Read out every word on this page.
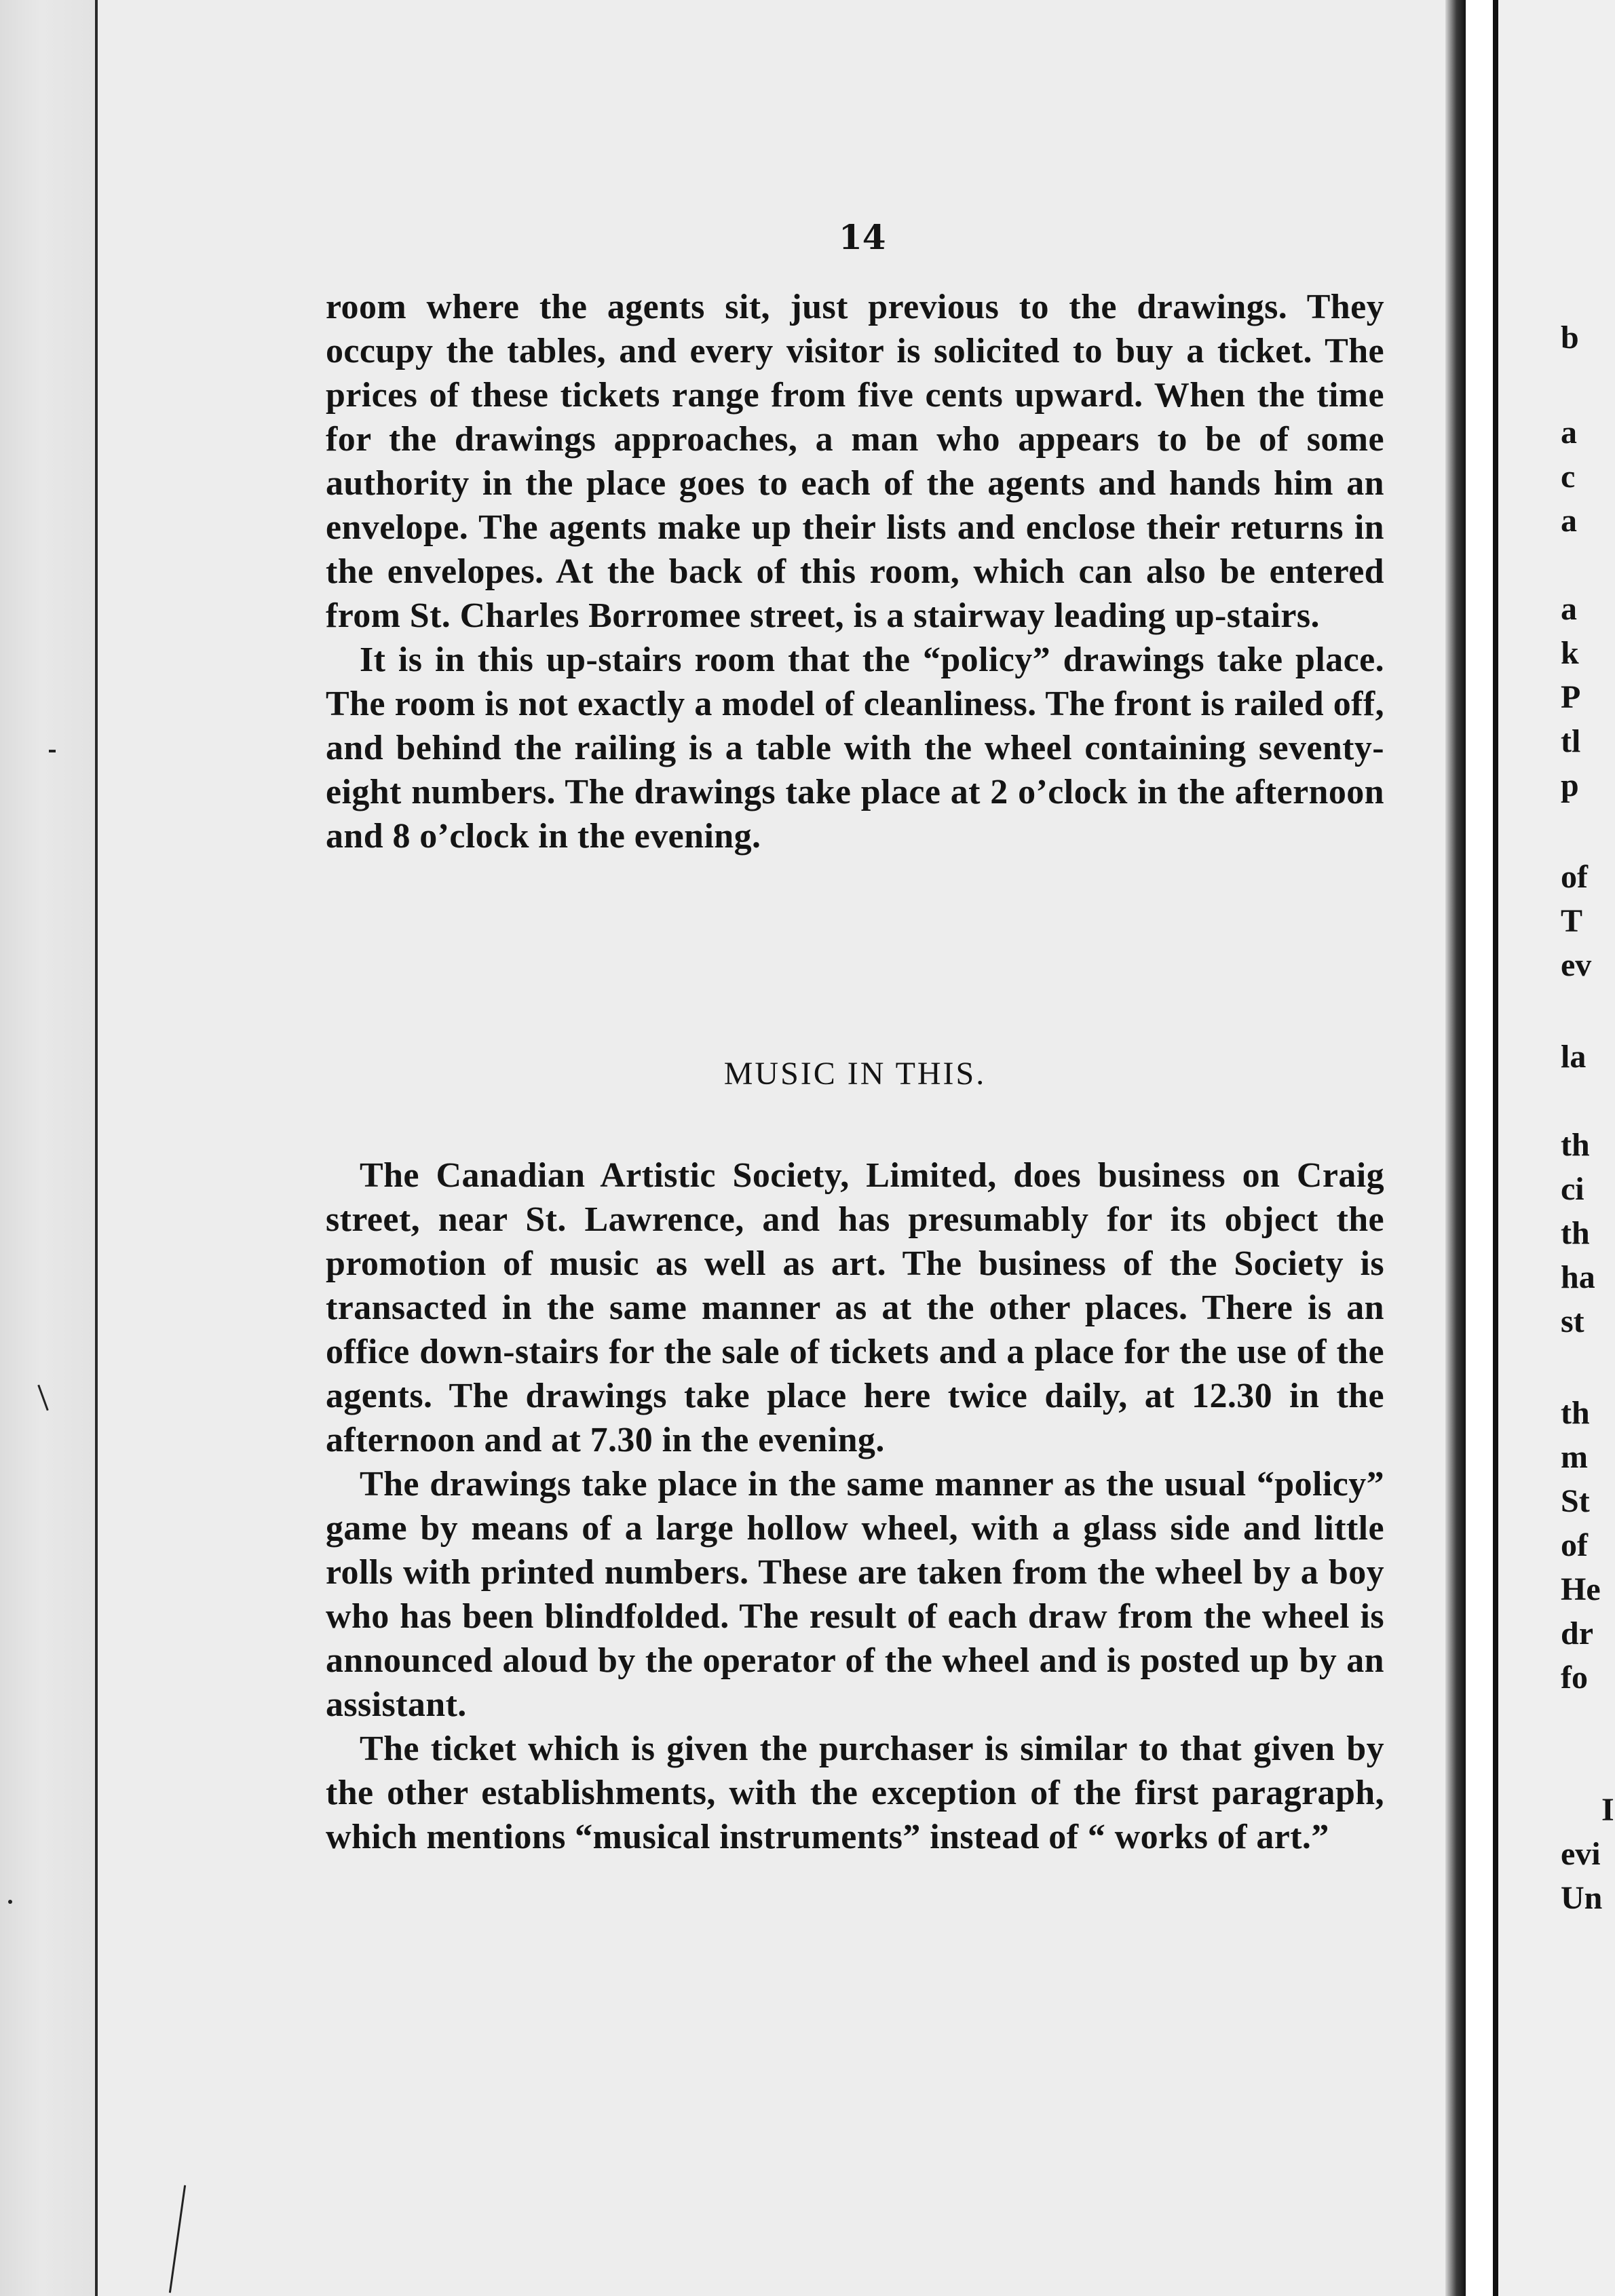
14

room where the agents sit, just previous to the drawings. They occupy the tables, and every visitor is solicited to buy a ticket. The prices of these tickets range from five cents upward. When the time for the drawings approaches, a man who appears to be of some authority in the place goes to each of the agents and hands him an envelope. The agents make up their lists and enclose their returns in the envelopes. At the back of this room, which can also be entered from St. Charles Borromee street, is a stairway leading up-stairs.

It is in this up-stairs room that the “policy” drawings take place. The room is not exactly a model of cleanliness. The front is railed off, and behind the railing is a table with the wheel containing seventy-eight numbers. The drawings take place at 2 o’clock in the afternoon and 8 o’clock in the evening.

MUSIC IN THIS.

The Canadian Artistic Society, Limited, does business on Craig street, near St. Lawrence, and has presumably for its object the promotion of music as well as art. The business of the Society is transacted in the same manner as at the other places. There is an office down-stairs for the sale of tickets and a place for the use of the agents. The drawings take place here twice daily, at 12.30 in the afternoon and at 7.30 in the evening.

The drawings take place in the same manner as the usual “policy” game by means of a large hollow wheel, with a glass side and little rolls with printed numbers. These are taken from the wheel by a boy who has been blindfolded. The result of each draw from the wheel is announced aloud by the operator of the wheel and is posted up by an assistant.

The ticket which is given the purchaser is similar to that given by the other establishments, with the exception of the first paragraph, which mentions “musical instruments” instead of “ works of art.”

b
a
c
a
a
k
P
tl
p
of
T
ev
la
th
ci
th
ha
st
th
m
St
of
He
dr
fo
I
evi
Un
